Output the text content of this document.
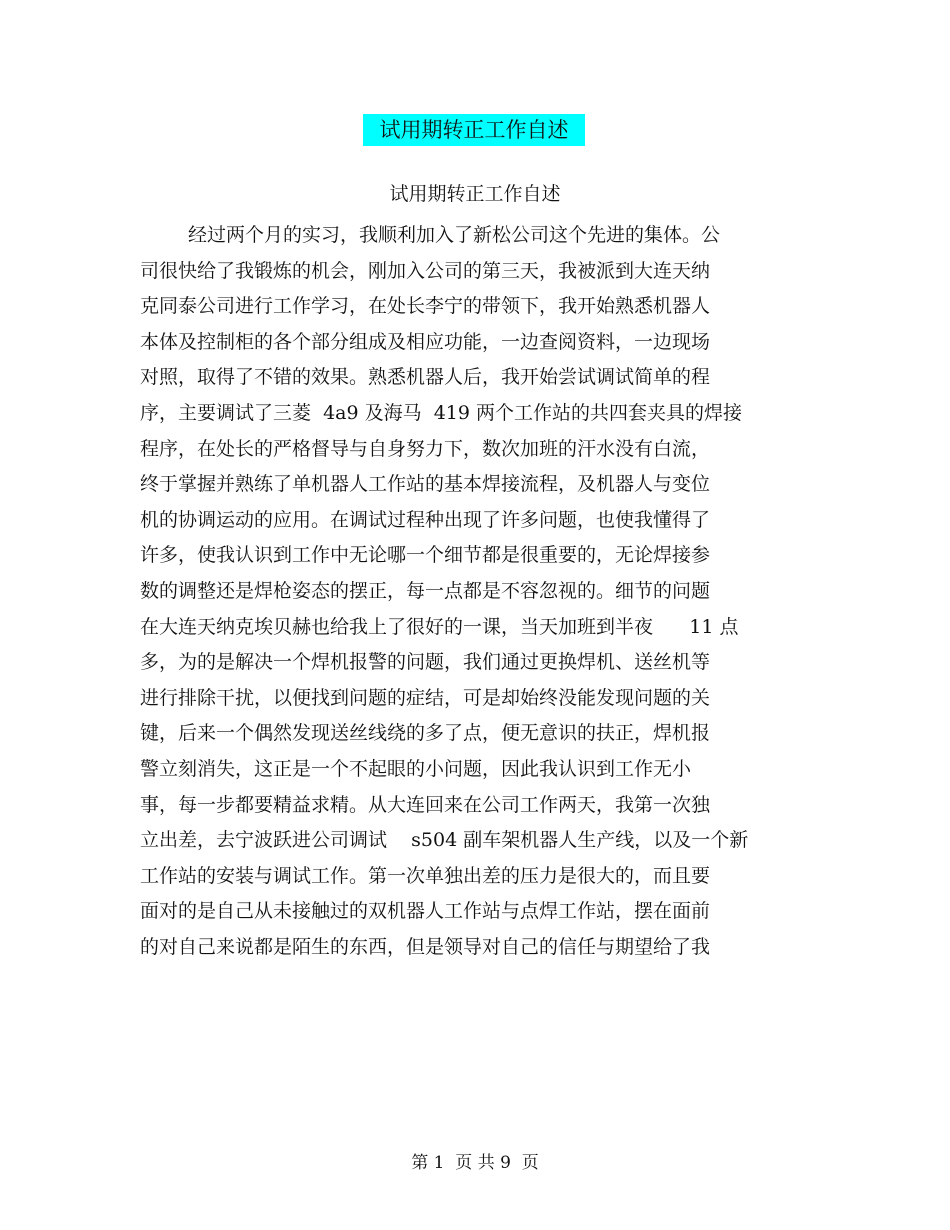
试用期转正工作自述
试用期转正工作自述
经过两个月的实习，我顺利加入了新松公司这个先进的集体。公
司很快给了我锻炼的机会，刚加入公司的第三天，我被派到大连天纳
克同泰公司进行工作学习，在处长李宁的带领下，我开始熟悉机器人
本体及控制柜的各个部分组成及相应功能，一边查阅资料，一边现场
对照，取得了不错的效果。熟悉机器人后，我开始尝试调试简单的程
序，主要调试了三菱  4a9 及海马  419 两个工作站的共四套夹具的焊接
程序，在处长的严格督导与自身努力下，数次加班的汗水没有白流，
终于掌握并熟练了单机器人工作站的基本焊接流程，及机器人与变位
机的协调运动的应用。在调试过程种出现了许多问题，也使我懂得了
许多，使我认识到工作中无论哪一个细节都是很重要的，无论焊接参
数的调整还是焊枪姿态的摆正，每一点都是不容忽视的。细节的问题
在大连天纳克埃贝赫也给我上了很好的一课，当天加班到半夜      11 点
多，为的是解决一个焊机报警的问题，我们通过更换焊机、送丝机等
进行排除干扰，以便找到问题的症结，可是却始终没能发现问题的关
键，后来一个偶然发现送丝线绕的多了点，便无意识的扶正，焊机报
警立刻消失，这正是一个不起眼的小问题，因此我认识到工作无小
事，每一步都要精益求精。从大连回来在公司工作两天，我第一次独
立出差，去宁波跃进公司调试    s504 副车架机器人生产线，以及一个新
工作站的安装与调试工作。第一次单独出差的压力是很大的，而且要
面对的是自己从未接触过的双机器人工作站与点焊工作站，摆在面前
的对自己来说都是陌生的东西，但是领导对自己的信任与期望给了我
第 1  页 共 9  页
